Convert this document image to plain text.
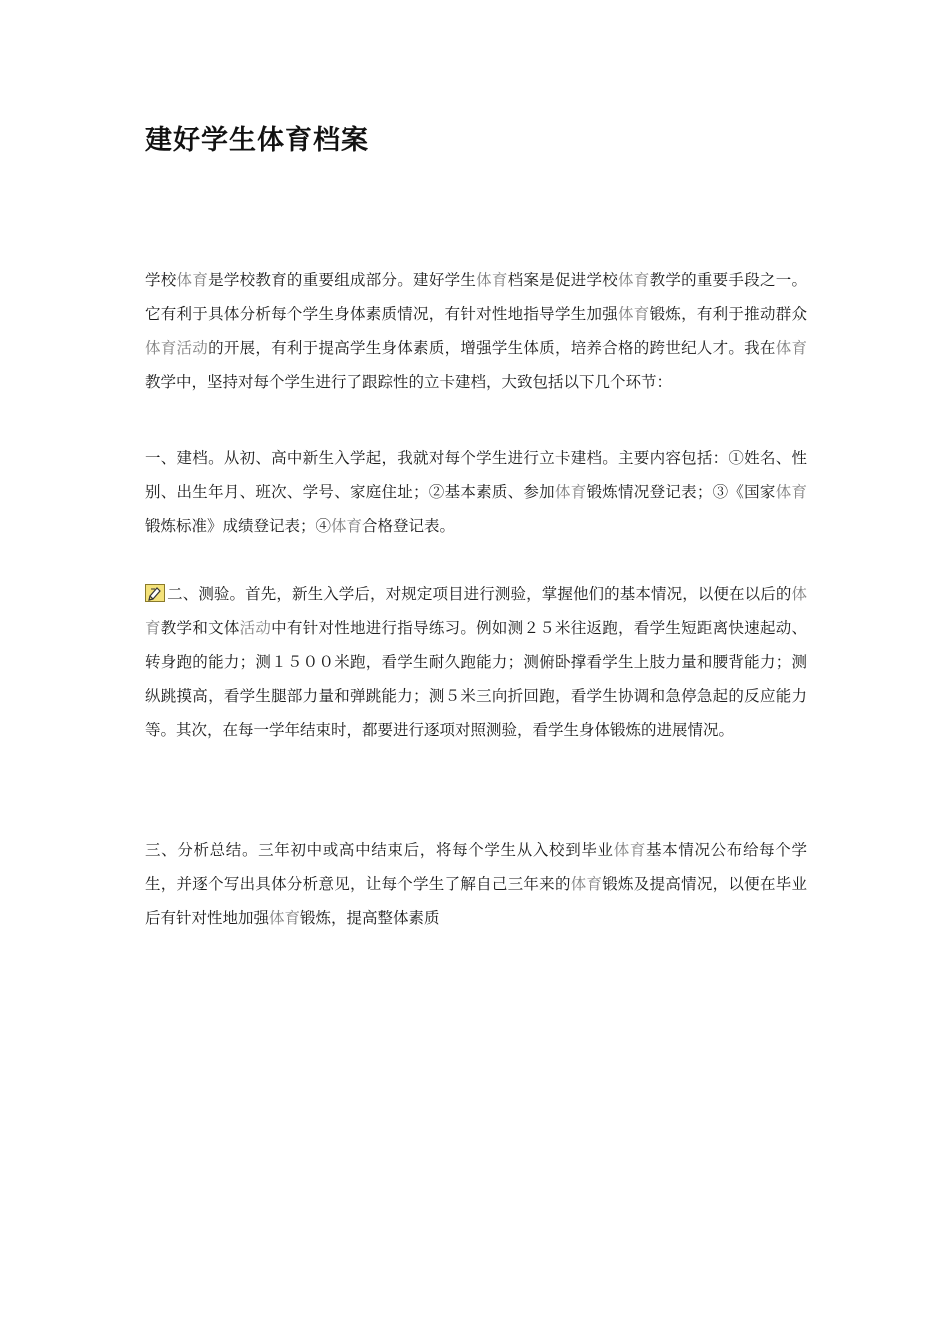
建好学生体育档案

学校体育是学校教育的重要组成部分。建好学生体育档案是促进学校体育教学的重要手段之一。它有利于具体分析每个学生身体素质情况，有针对性地指导学生加强体育锻炼，有利于推动群众体育活动的开展，有利于提高学生身体素质，增强学生体质，培养合格的跨世纪人才。我在体育教学中，坚持对每个学生进行了跟踪性的立卡建档，大致包括以下几个环节：

一、建档。从初、高中新生入学起，我就对每个学生进行立卡建档。主要内容包括：①姓名、性别、出生年月、班次、学号、家庭住址；②基本素质、参加体育锻炼情况登记表；③《国家体育锻炼标准》成绩登记表；④体育合格登记表。

二、测验。首先，新生入学后，对规定项目进行测验，掌握他们的基本情况，以便在以后的体育教学和文体活动中有针对性地进行指导练习。例如测２５米往返跑，看学生短距离快速起动、转身跑的能力；测１５００米跑，看学生耐久跑能力；测俯卧撑看学生上肢力量和腰背能力；测纵跳摸高，看学生腿部力量和弹跳能力；测５米三向折回跑，看学生协调和急停急起的反应能力等。其次，在每一学年结束时，都要进行逐项对照测验，看学生身体锻炼的进展情况。

三、分析总结。三年初中或高中结束后，将每个学生从入校到毕业体育基本情况公布给每个学生，并逐个写出具体分析意见，让每个学生了解自己三年来的体育锻炼及提高情况，以便在毕业后有针对性地加强体育锻炼，提高整体素质
